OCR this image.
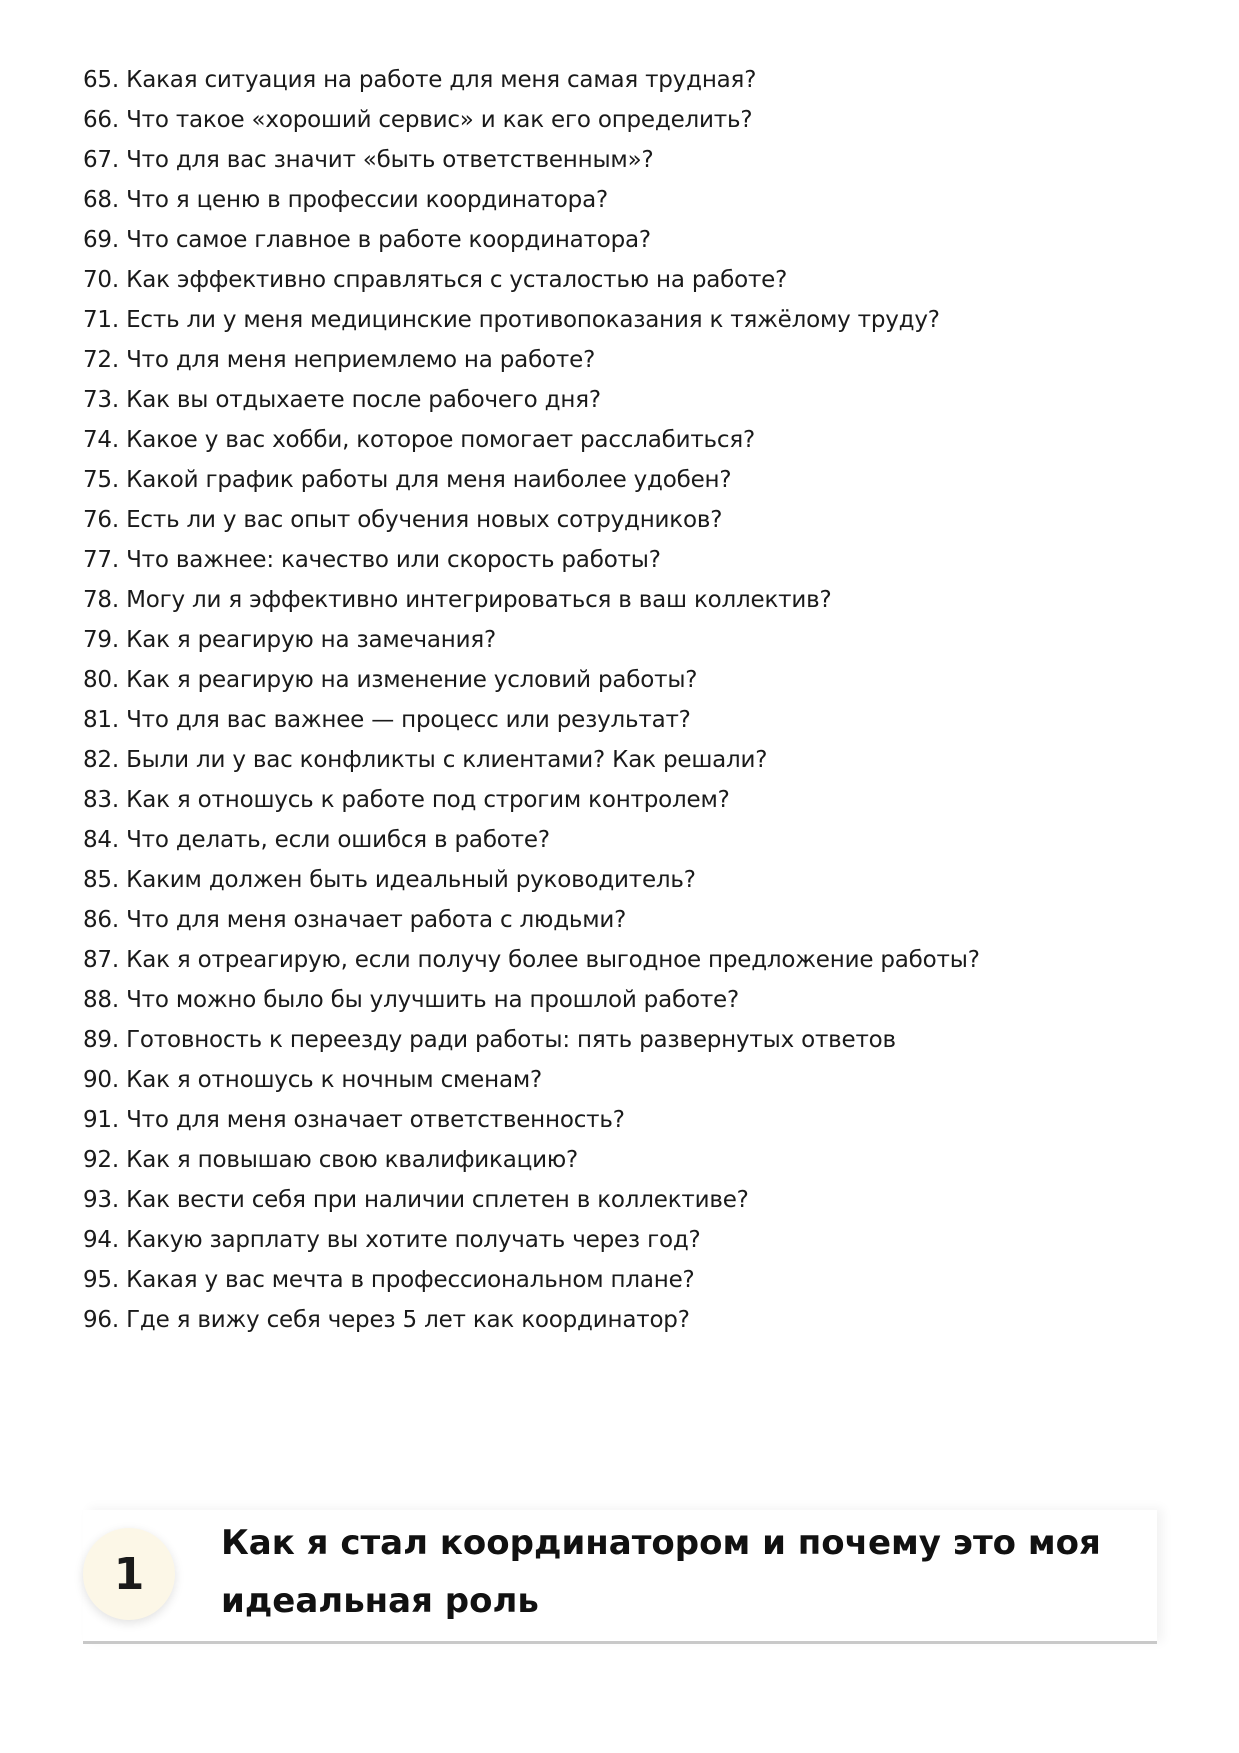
65. Какая ситуация на работе для меня самая трудная?
66. Что такое «хороший сервис» и как его определить?
67. Что для вас значит «быть ответственным»?
68. Что я ценю в профессии координатора?
69. Что самое главное в работе координатора?
70. Как эффективно справляться с усталостью на работе?
71. Есть ли у меня медицинские противопоказания к тяжёлому труду?
72. Что для меня неприемлемо на работе?
73. Как вы отдыхаете после рабочего дня?
74. Какое у вас хобби, которое помогает расслабиться?
75. Какой график работы для меня наиболее удобен?
76. Есть ли у вас опыт обучения новых сотрудников?
77. Что важнее: качество или скорость работы?
78. Могу ли я эффективно интегрироваться в ваш коллектив?
79. Как я реагирую на замечания?
80. Как я реагирую на изменение условий работы?
81. Что для вас важнее — процесс или результат?
82. Были ли у вас конфликты с клиентами? Как решали?
83. Как я отношусь к работе под строгим контролем?
84. Что делать, если ошибся в работе?
85. Каким должен быть идеальный руководитель?
86. Что для меня означает работа с людьми?
87. Как я отреагирую, если получу более выгодное предложение работы?
88. Что можно было бы улучшить на прошлой работе?
89. Готовность к переезду ради работы: пять развернутых ответов
90. Как я отношусь к ночным сменам?
91. Что для меня означает ответственность?
92. Как я повышаю свою квалификацию?
93. Как вести себя при наличии сплетен в коллективе?
94. Какую зарплату вы хотите получать через год?
95. Какая у вас мечта в профессиональном плане?
96. Где я вижу себя через 5 лет как координатор?
1
Как я стал координатором и почему это моя идеальная роль
